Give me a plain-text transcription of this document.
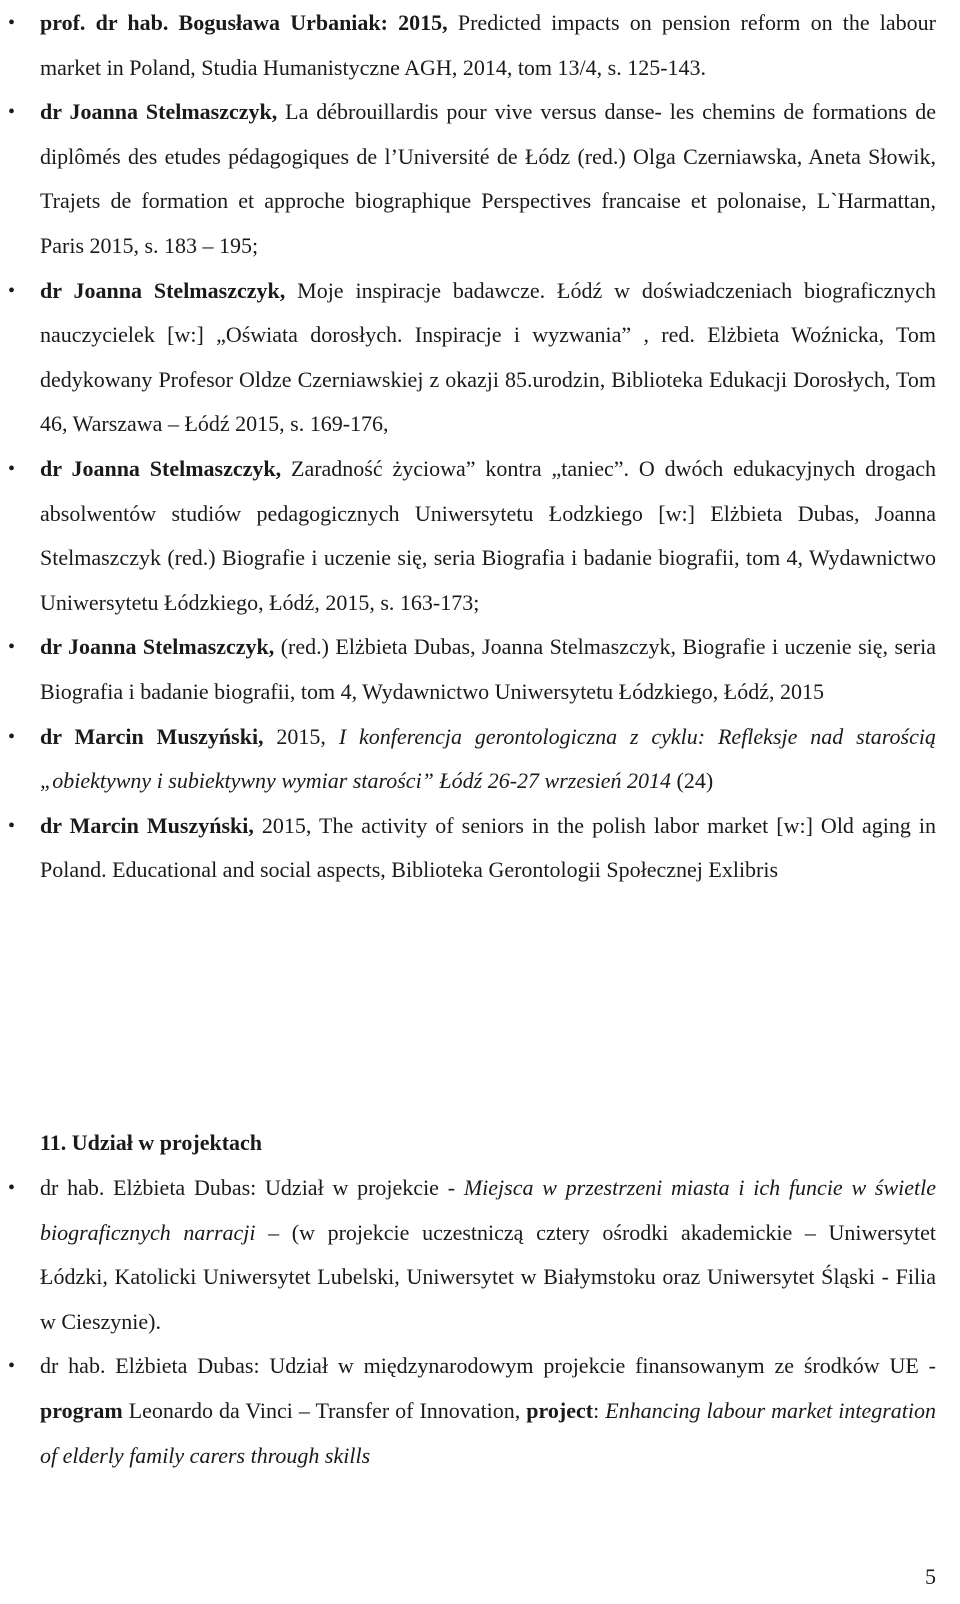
• prof. dr hab. Bogusława Urbaniak: 2015, Predicted impacts on pension reform on the labour market in Poland, Studia Humanistyczne AGH, 2014, tom 13/4, s. 125-143.
• dr Joanna Stelmaszczyk, La débrouillardis pour vive versus danse- les chemins de formations de diplômés des etudes pédagogiques de l’Université de Łódz (red.) Olga Czerniawska, Aneta Słowik, Trajets de formation et approche biographique Perspectives francaise et polonaise, L`Harmattan, Paris 2015, s. 183 – 195;
• dr Joanna Stelmaszczyk, Moje inspiracje badawcze. Łódź w doświadczeniach biograficznych nauczycielek [w:] „Oświata dorosłych. Inspiracje i wyzwania” , red. Elżbieta Woźnicka, Tom dedykowany Profesor Oldze Czerniawskiej z okazji 85.urodzin, Biblioteka Edukacji Dorosłych, Tom 46, Warszawa – Łódź 2015, s. 169-176,
• dr Joanna Stelmaszczyk, Zaradność życiowa” kontra „taniec”. O dwóch edukacyjnych drogach absolwentów studiów pedagogicznych Uniwersytetu Łodzkiego [w:] Elżbieta Dubas, Joanna Stelmaszczyk (red.) Biografie i uczenie się, seria Biografia i badanie biografii, tom 4, Wydawnictwo Uniwersytetu Łódzkiego, Łódź, 2015, s. 163-173;
• dr Joanna Stelmaszczyk, (red.) Elżbieta Dubas, Joanna Stelmaszczyk, Biografie i uczenie się, seria Biografia i badanie biografii, tom 4, Wydawnictwo Uniwersytetu Łódzkiego, Łódź, 2015
• dr Marcin Muszyński, 2015, I konferencja gerontologiczna z cyklu: Refleksje nad starością „obiektywny i subiektywny wymiar starości” Łódź 26-27 wrzesień 2014 (24)
• dr Marcin Muszyński, 2015, The activity of seniors in the polish labor market [w:] Old aging in Poland. Educational and social aspects, Biblioteka Gerontologii Społecznej Exlibris
11. Udział w projektach
• dr hab. Elżbieta Dubas: Udział w projekcie - Miejsca w przestrzeni miasta i ich funcie w świetle biograficznych narracji – (w projekcie uczestniczą cztery ośrodki akademickie – Uniwersytet Łódzki, Katolicki Uniwersytet Lubelski, Uniwersytet w Białymstoku oraz Uniwersytet Śląski - Filia w Cieszynie).
• dr hab. Elżbieta Dubas: Udział w międzynarodowym projekcie finansowanym ze środków UE - program Leonardo da Vinci – Transfer of Innovation, project: Enhancing labour market integration of elderly family carers through skills
5
